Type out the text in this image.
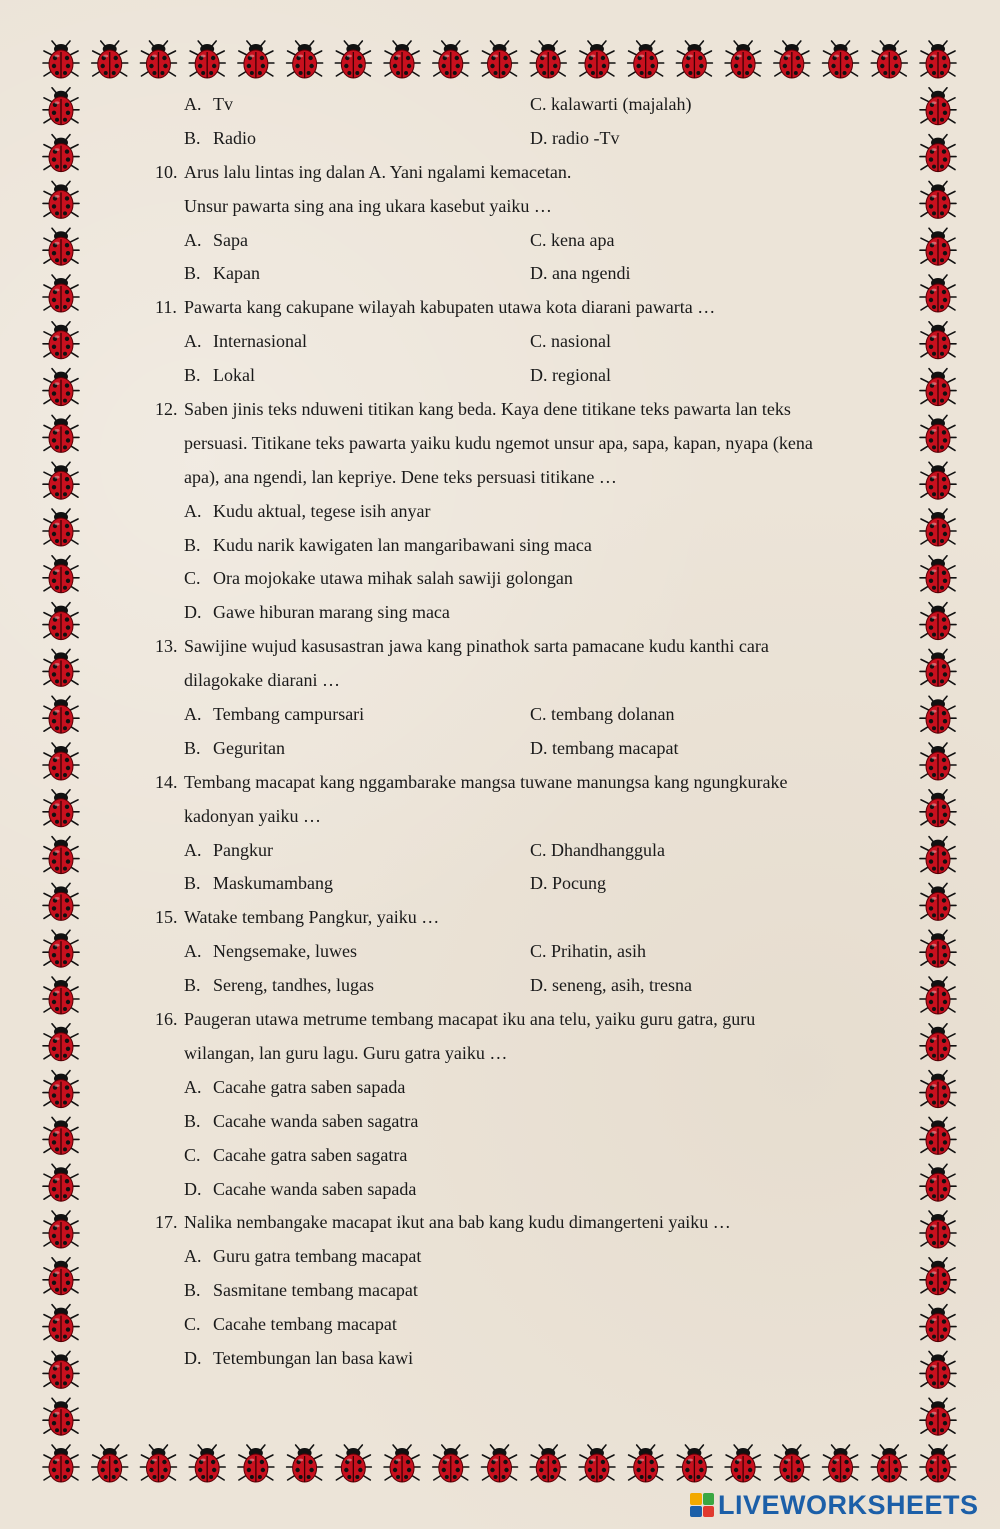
A. Tv	C. kalawarti (majalah)
B. Radio	D. radio -Tv
10. Arus lalu lintas ing dalan A. Yani ngalami kemacetan.
Unsur pawarta sing ana ing ukara kasebut yaiku …
A. Sapa	C. kena apa
B. Kapan	D. ana ngendi
11. Pawarta kang cakupane wilayah kabupaten utawa kota diarani pawarta …
A. Internasional	C. nasional
B. Lokal	D. regional
12. Saben jinis teks nduweni titikan kang beda. Kaya dene titikane teks pawarta lan teks
persuasi. Titikane teks pawarta yaiku kudu ngemot unsur apa, sapa, kapan, nyapa (kena
apa), ana ngendi, lan kepriye. Dene teks persuasi titikane …
A. Kudu aktual, tegese isih anyar
B. Kudu narik kawigaten lan mangaribawani sing maca
C. Ora mojokake utawa mihak salah sawiji golongan
D. Gawe hiburan marang sing maca
13. Sawijine wujud kasusastran jawa kang pinathok sarta pamacane kudu kanthi cara
dilagokake diarani …
A. Tembang campursari	C. tembang dolanan
B. Geguritan	D. tembang macapat
14. Tembang macapat kang nggambarake mangsa tuwane manungsa kang ngungkurake
kadonyan yaiku …
A. Pangkur	C. Dhandhanggula
B. Maskumambang	D. Pocung
15. Watake tembang Pangkur, yaiku …
A. Nengsemake, luwes	C. Prihatin, asih
B. Sereng, tandhes, lugas	D. seneng, asih, tresna
16. Paugeran utawa metrume tembang macapat iku ana telu, yaiku guru gatra, guru
wilangan, lan guru lagu. Guru gatra yaiku …
A. Cacahe gatra saben sapada
B. Cacahe wanda saben sagatra
C. Cacahe gatra saben sagatra
D. Cacahe wanda saben sapada
17. Nalika nembangake macapat ikut ana bab kang kudu dimangerteni yaiku …
A. Guru gatra tembang macapat
B. Sasmitane tembang macapat
C. Cacahe tembang macapat
D. Tetembungan lan basa kawi
LIVEWORKSHEETS
